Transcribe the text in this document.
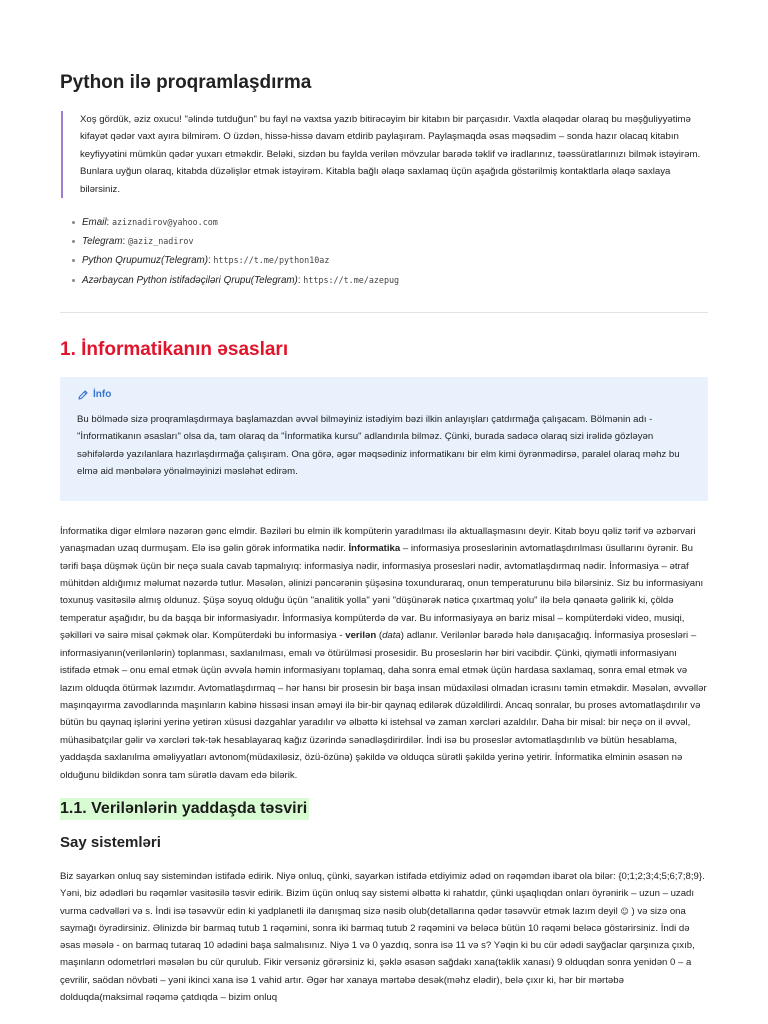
Python ilə proqramlaşdırma

Xoş gördük, əziz oxucu! "əlində tutduğun" bu fayl nə vaxtsa yazıb bitirəcəyim bir kitabın bir parçasıdır. Vaxtla əlaqədar olaraq bu məşğuliyyətimə kifayət qədər vaxt ayıra bilmirəm. O üzdən, hissə-hissə davam etdirib paylaşıram. Paylaşmaqda əsas məqsədim – sonda hazır olacaq kitabın keyfiyyətini mümkün qədər yuxarı etməkdir. Beləki, sizdən bu faylda verilən mövzular barədə təklif və iradlarınız, təəssüratlarınızı bilmək istəyirəm. Bunlara uyğun olaraq, kitabda düzəlişlər etmək istəyirəm. Kitabla bağlı əlaqə saxlamaq üçün aşağıda göstərilmiş kontaktlarla əlaqə saxlaya bilərsiniz.

Email: aziznadirov@yahoo.com
Telegram: @aziz_nadirov
Python Qrupumuz(Telegram): https://t.me/python10az
Azərbaycan Python istifadəçiləri Qrupu(Telegram): https://t.me/azepug
1. İnformatikanın əsasları
İnfo

Bu bölmədə sizə proqramlaşdırmaya başlamazdan əvvəl bilməyiniz istədiyim bəzi ilkin anlayışları çatdırmağa çalışacam. Bölmənin adı - "İnformatikanın əsasları" olsa da, tam olaraq da "İnformatika kursu" adlandırıla bilməz. Çünki, burada sadəcə olaraq sizi irəlidə gözləyən səhifələrdə yazılanlara hazırlaşdırmağa çalışıram. Ona görə, əgər məqsədiniz informatikanı bir elm kimi öyrənmədirsə, paralel olaraq məhz bu elmə aid mənbələrə yönəlməyinizi məsləhət edirəm.

İnformatika digər elmlərə nəzərən gənc elmdir. Bəziləri bu elmin ilk kompüterin yaradılması ilə aktuallaşmasını deyir. Kitab boyu qəliz tərif və əzbərvari yanaşmadan uzaq durmuşam. Elə isə gəlin görək informatika nədir. İnformatika – informasiya proseslərinin avtomatlaşdırılması üsullarını öyrənir. Bu tərifi başa düşmək üçün bir neçə suala cavab tapmalıyıq: informasiya nədir, informasiya prosesləri nədir, avtomatlaşdırmaq nədir. İnformasiya – ətraf mühitdən aldığımız məlumat nəzərdə tutlur. Məsələn, əlinizi pəncərənin şüşəsinə toxunduraraq, onun temperaturunu bilə bilərsiniz. Siz bu informasiyanı toxunuş vasitəsilə almış oldunuz. Şüşə soyuq olduğu üçün "analitik yolla" yəni "düşünərək nəticə çıxartmaq yolu" ilə belə qənaətə gəlirik ki, çöldə temperatur aşağıdır, bu da başqa bir informasiyadır. İnformasiya kompüterdə də var. Bu informasiyaya ən bariz misal – kompüterdəki video, musiqi, şəkilləri və sairə misal çəkmək olar. Kompüterdəki bu informasiya - verilən (data) adlanır. Verilənlər barədə hələ danışacağıq. İnformasiya prosesləri – informasiyanın(verilənlərin) toplanması, saxlanılması, emalı və ötürülməsi prosesidir. Bu proseslərin hər biri vacibdir. Çünki, qiymətli informasiyanı istifadə etmək – onu emal etmək üçün əvvəla həmin informasiyanı toplamaq, daha sonra emal etmək üçün hardasa saxlamaq, sonra emal etmək və lazım olduqda ötürmək lazımdır. Avtomatlaşdırmaq – hər hansı bir prosesin bir başa insan müdaxiləsi olmadan icrasını təmin etməkdir. Məsələn, əvvəllər maşınqayırma zavodlarında maşınların kabinə hissəsi insan əməyi ilə bir-bir qaynaq edilərək düzəldilirdi. Ancaq sonralar, bu proses avtomatlaşdırılır və bütün bu qaynaq işlərini yerinə yetirən xüsusi dəzgahlar yaradılır və əlbəttə ki istehsal və zaman xərcləri azaldılır. Daha bir misal: bir neçə on il əvvəl, mühasibatçılar gəlir və xərcləri tək-tək hesablayaraq kağız üzərində sənədləşdirirdilər. İndi isə bu proseslər avtomatlaşdırılıb və bütün hesablama, yaddaşda saxlanılma əməliyyatları avtonom(müdaxiləsiz, özü-özünə) şəkildə və olduqca sürətli şəkildə yerinə yetirir. İnformatika elminin əsasən nə olduğunu bildikdən sonra tam sürətlə davam edə bilərik.

1.1. Verilənlərin yaddaşda təsviri
Say sistemləri

Biz sayarkən onluq say sistemindən istifadə edirik. Niyə onluq, çünki, sayarkən istifadə etdiyimiz ədəd on rəqəmdən ibarət ola bilər: {0;1;2;3;4;5;6;7;8;9}. Yəni, biz ədədləri bu rəqəmlər vasitəsilə təsvir edirik. Bizim üçün onluq say sistemi əlbəttə ki rahatdır, çünki uşaqlıqdan onları öyrənirik – uzun – uzadı vurma cədvəlləri və s. İndi isə təsəvvür edin ki yadplanetli ilə danışmaq sizə nəsib olub(detallarına qədər təsəvvür etmək lazım deyil ☺ ) və sizə ona saymağı öyrədirsiniz. Əlinizdə bir barmaq tutub 1 rəqəmini, sonra iki barmaq tutub 2 rəqəmini və beləcə bütün 10 rəqəmi beləcə göstərirsiniz. İndi də əsas məsələ - on barmaq tutaraq 10 ədədini başa salmalısınız. Niyə 1 və 0 yazdıq, sonra isə 11 və s? Yəqin ki bu cür ədədi sayğaclar qarşınıza çıxıb, maşınların odometrləri məsələn bu cür qurulub. Fikir versəniz görərsiniz ki, şəklə əsasən sağdakı xana(təklik xanası) 9 olduqdan sonra yenidən 0 – a çevrilir, saödan növbəti – yəni ikinci xana isə 1 vahid artır. Əgər hər xanaya mərtəbə desək(məhz elədir), belə çıxır ki, hər bir mərtəbə dolduqda(maksimal rəqəmə çatdıqda – bizim onluq
